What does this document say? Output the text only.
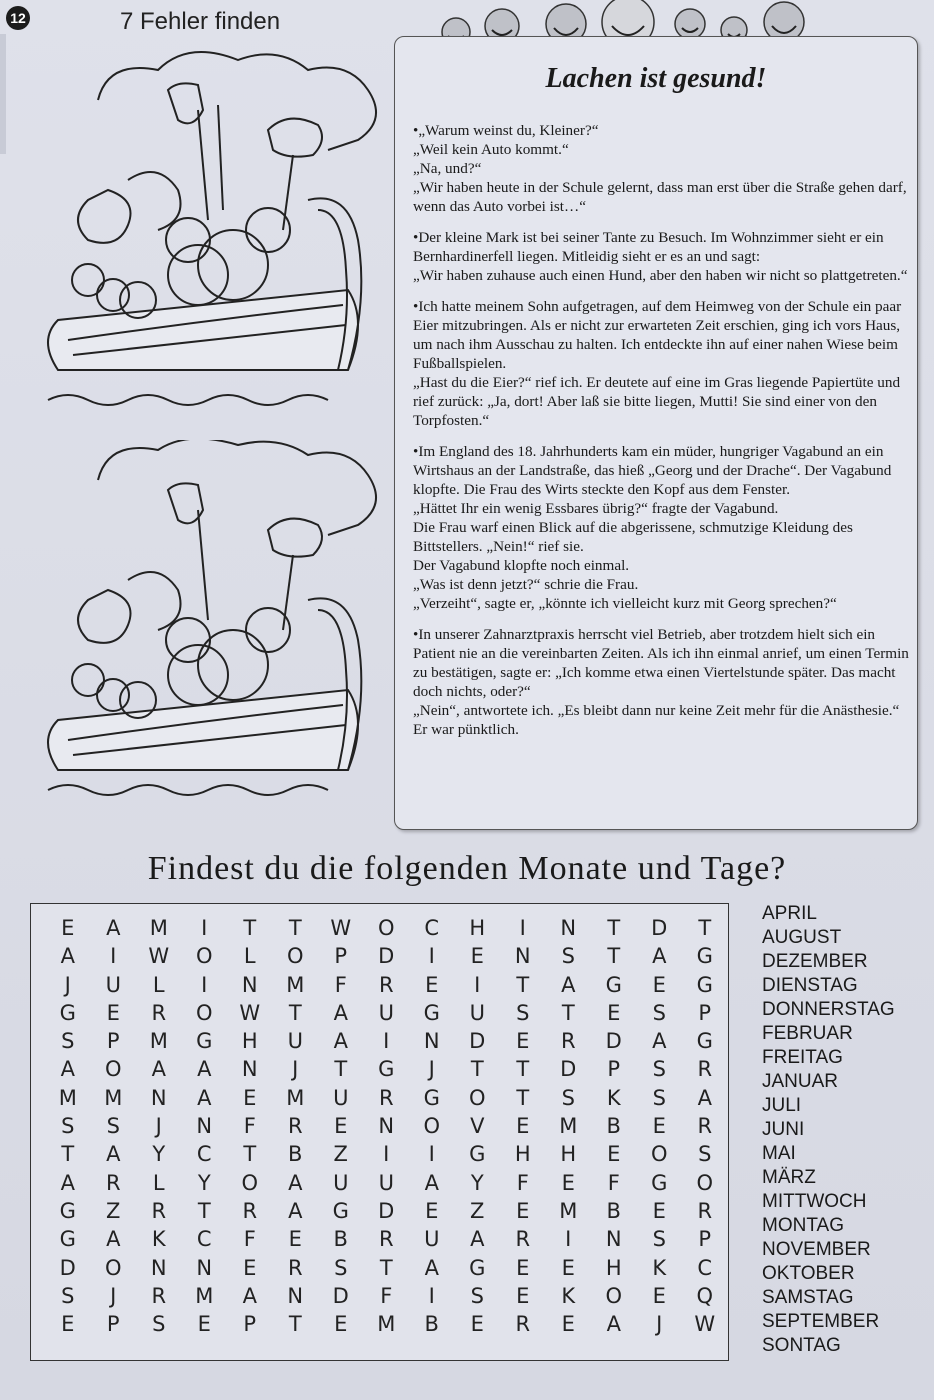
12	7 Fehler finden
Lachen ist gesund!

•„Warum weinst du, Kleiner?“

„Weil kein Auto kommt.“

„Na, und?“

„Wir haben heute in der Schule gelernt, dass man erst über die Straße gehen darf, wenn das Auto vorbei ist…“

•Der kleine Mark ist bei seiner Tante zu Besuch. Im Wohnzimmer sieht er ein Bernhardinerfell liegen. Mitleidig sieht er es an und sagt:

„Wir haben zuhause auch einen Hund, aber den haben wir nicht so plattgetreten.“

•Ich hatte meinem Sohn aufgetragen, auf dem Heimweg von der Schule ein paar Eier mitzubringen. Als er nicht zur erwarteten Zeit erschien, ging ich vors Haus, um nach ihm Ausschau zu halten. Ich entdeckte ihn auf einer nahen Wiese beim Fußballspielen.

„Hast du die Eier?“ rief ich. Er deutete auf eine im Gras liegende Papiertüte und rief zurück: „Ja, dort! Aber laß sie bitte liegen, Mutti! Sie sind einer von den Torpfosten.“

•Im England des 18. Jahrhunderts kam ein müder, hungriger Vagabund an ein Wirtshaus an der Landstraße, das hieß „Georg und der Drache“. Der Vagabund klopfte. Die Frau des Wirts steckte den Kopf aus dem Fenster.

„Hättet Ihr ein wenig Essbares übrig?“ fragte der Vagabund.

Die Frau warf einen Blick auf die abgerissene, schmutzige Kleidung des Bittstellers. „Nein!“ rief sie.

Der Vagabund klopfte noch einmal.

„Was ist denn jetzt?“ schrie die Frau.

„Verzeiht“, sagte er, „könnte ich vielleicht kurz mit Georg sprechen?“

•In unserer Zahnarztpraxis herrscht viel Betrieb, aber trotzdem hielt sich ein Patient nie an die vereinbarten Zeiten. Als ich ihn einmal anrief, um einen Termin zu bestätigen, sagte er: „Ich komme etwa einen Viertelstunde später. Das macht doch nichts, oder?“

„Nein“, antwortete ich. „Es bleibt dann nur keine Zeit mehr für die Anästhesie.“

Er war pünktlich.

Findest du die folgenden Monate und Tage?
E	A	M	I	T	T	W	O	C	H	I	N	T	D	T
A	I	W	O	L	O	P	D	I	E	N	S	T	A	G
J	U	L	I	N	M	F	R	E	I	T	A	G	E	G
G	E	R	O	W	T	A	U	G	U	S	T	E	S	P
S	P	M	G	H	U	A	I	N	D	E	R	D	A	G
A	O	A	A	N	J	T	G	J	T	T	D	P	S	R
M	M	N	A	E	M	U	R	G	O	T	S	K	S	A
S	S	J	N	F	R	E	N	O	V	E	M	B	E	R
T	A	Y	C	T	B	Z	I	I	G	H	H	E	O	S
A	R	L	Y	O	A	U	U	A	Y	F	E	F	G	O
G	Z	R	T	R	A	G	D	E	Z	E	M	B	E	R
G	A	K	C	F	E	B	R	U	A	R	I	N	S	P
D	O	N	N	E	R	S	T	A	G	E	E	H	K	C
S	J	R	M	A	N	D	F	I	S	E	K	O	E	Q
E	P	S	E	P	T	E	M	B	E	R	E	A	J	W
APRIL
AUGUST
DEZEMBER
DIENSTAG
DONNERSTAG
FEBRUAR
FREITAG
JANUAR
JULI
JUNI
MAI
MÄRZ
MITTWOCH
MONTAG
NOVEMBER
OKTOBER
SAMSTAG
SEPTEMBER
SONTAG
